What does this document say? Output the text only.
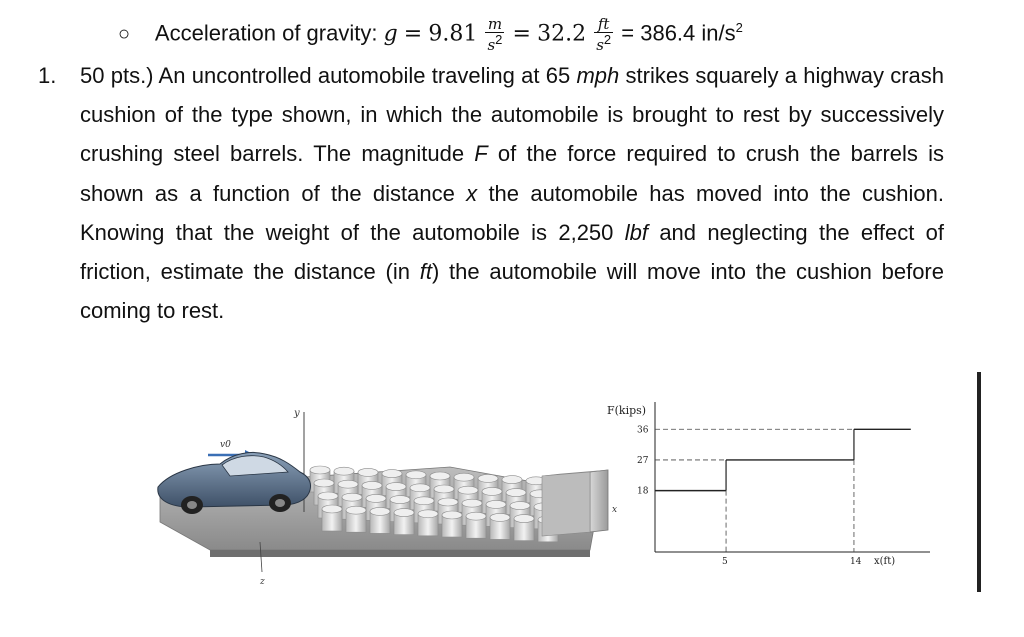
○ Acceleration of gravity: $g = 9.81 \frac{m}{s^2} = 32.2 \frac{ft}{s^2} = 386.4$ $in/s^2$
1. 50 pts.) An uncontrolled automobile traveling at 65 mph strikes squarely a highway crash cushion of the type shown, in which the automobile is brought to rest by successively crushing steel barrels. The magnitude F of the force required to crush the barrels is shown as a function of the distance x the automobile has moved into the cushion. Knowing that the weight of the automobile is 2,250 lbf and neglecting the effect of friction, estimate the distance (in ft) the automobile will move into the cushion before coming to rest.
y
z
x
v0
F(kips)
x(ft)
36
27
18
5	14
